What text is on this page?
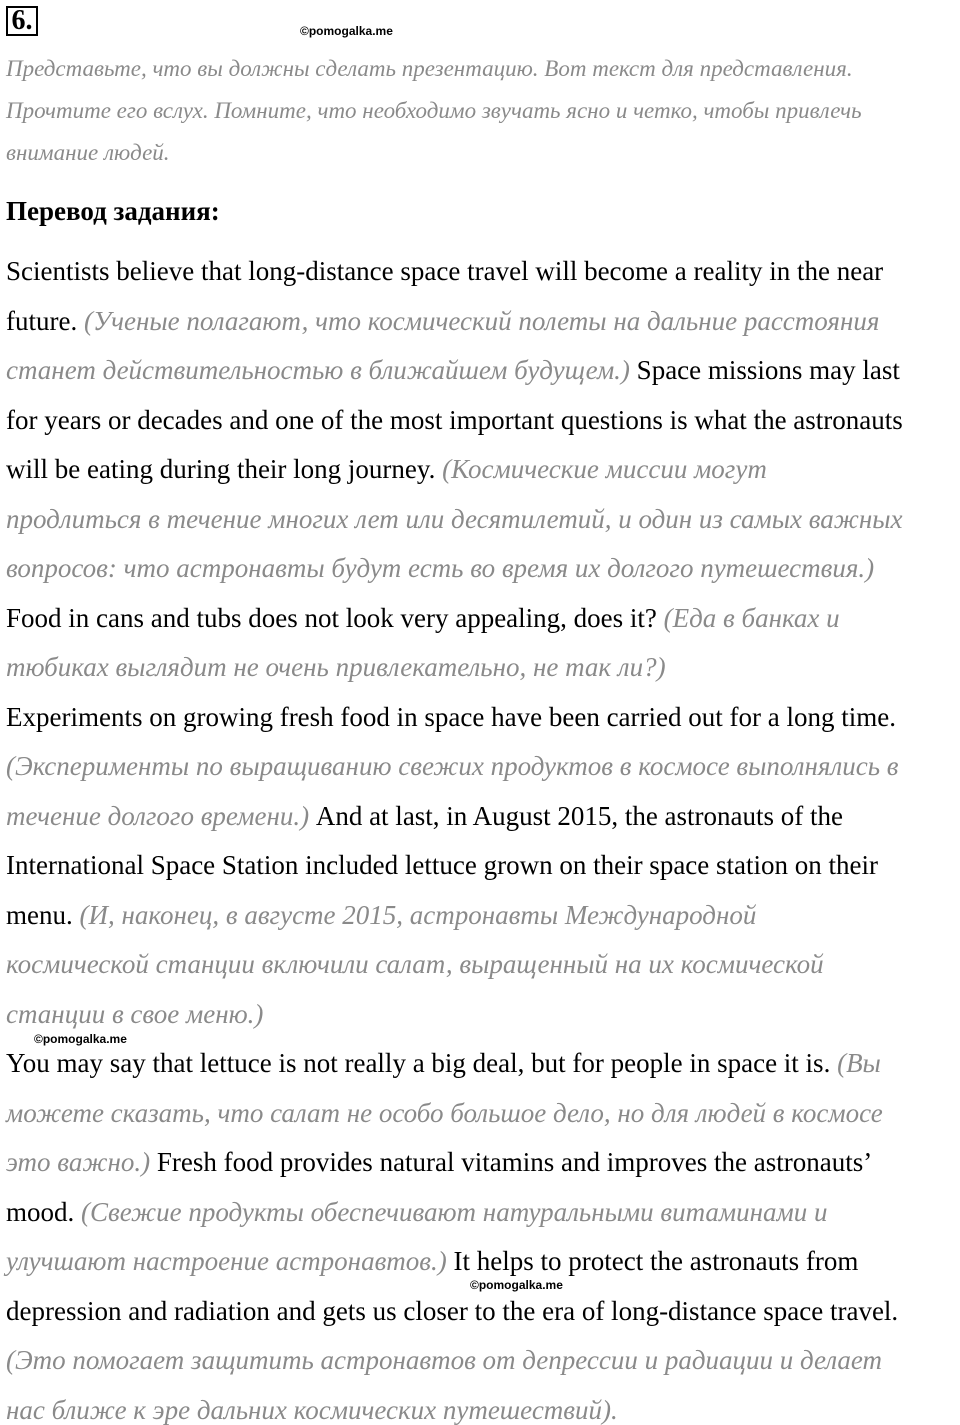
6.	©pomogalka.me
©pomogalka.me
©pomogalka.me
Представьте, что вы должны сделать презентацию. Вот текст для представления.
Прочтите его вслух. Помните, что необходимо звучать ясно и четко, чтобы привлечь
внимание людей.
Перевод задания:
Scientists believe that long-distance space travel will become a reality in the near
future. (Ученые полагают, что космический полеты на дальние расстояния
станет действительностью в ближайшем будущем.) Space missions may last
for years or decades and one of the most important questions is what the astronauts
will be eating during their long journey. (Космические миссии могут
продлиться в течение многих лет или десятилетий, и один из самых важных
вопросов: что астронавты будут есть во время их долгого путешествия.)
Food in cans and tubs does not look very appealing, does it? (Еда в банках и
тюбиках выглядит не очень привлекательно, не так ли?)
Experiments on growing fresh food in space have been carried out for a long time.
(Эксперименты по выращиванию свежих продуктов в космосе выполнялись в
течение долгого времени.) And at last, in August 2015, the astronauts of the
International Space Station included lettuce grown on their space station on their
menu. (И, наконец, в августе 2015, астронавты Международной
космической станции включили салат, выращенный на их космической
станции в свое меню.)
You may say that lettuce is not really a big deal, but for people in space it is. (Вы
можете сказать, что салат не особо большое дело, но для людей в космосе
это важно.) Fresh food provides natural vitamins and improves the astronauts’
mood. (Свежие продукты обеспечивают натуральными витаминами и
улучшают настроение астронавтов.) It helps to protect the astronauts from
depression and radiation and gets us closer to the era of long-distance space travel.
(Это помогает защитить астронавтов от депрессии и радиации и делает
нас ближе к эре дальних космических путешествий).
